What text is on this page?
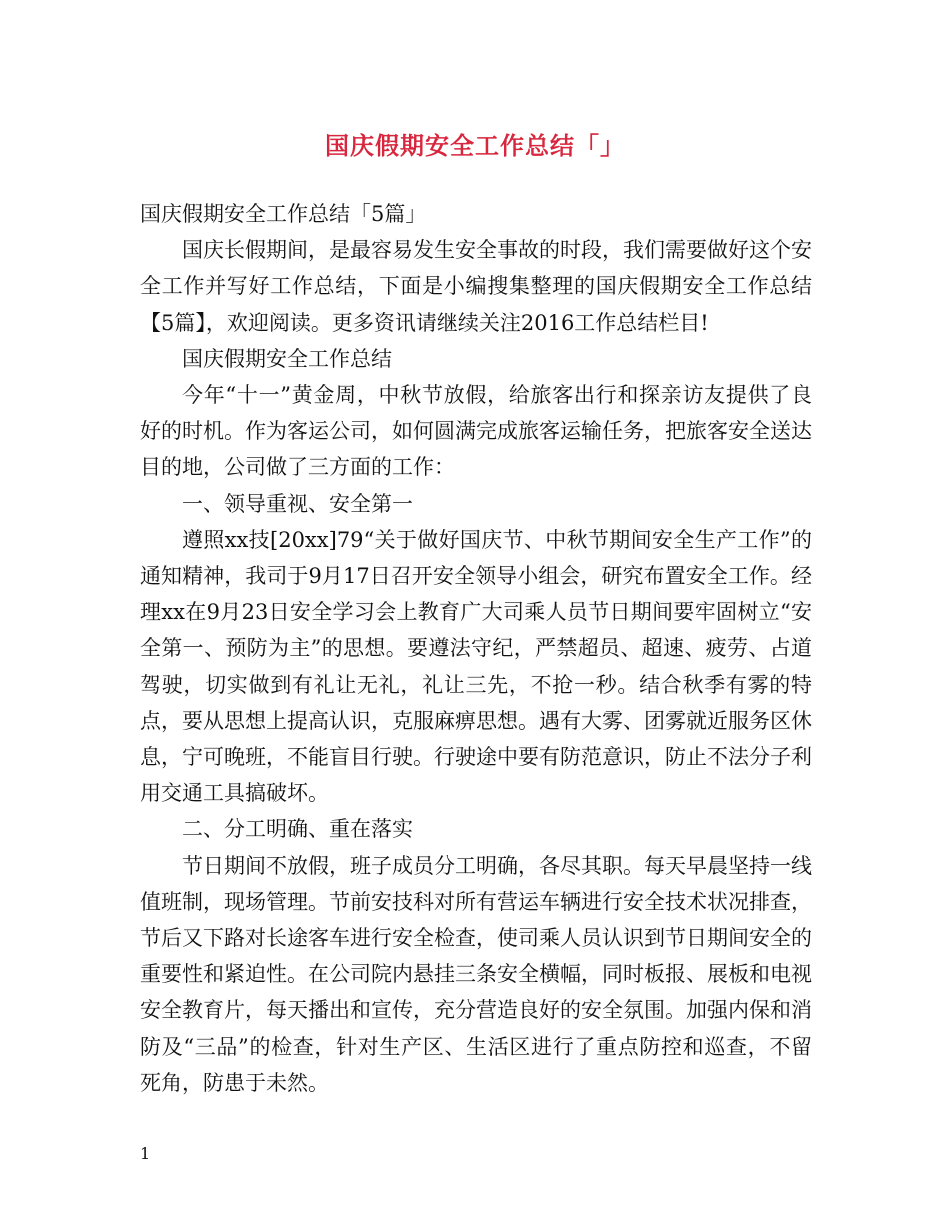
国庆假期安全工作总结「」

国庆假期安全工作总结「5篇」

国庆长假期间，是最容易发生安全事故的时段，我们需要做好这个安全工作并写好工作总结，下面是小编搜集整理的国庆假期安全工作总结【5篇】，欢迎阅读。更多资讯请继续关注2016工作总结栏目!

国庆假期安全工作总结

今年“十一”黄金周，中秋节放假，给旅客出行和探亲访友提供了良好的时机。作为客运公司，如何圆满完成旅客运输任务，把旅客安全送达目的地，公司做了三方面的工作：

一、领导重视、安全第一

遵照xx技[20xx]79“关于做好国庆节、中秋节期间安全生产工作”的通知精神，我司于9月17日召开安全领导小组会，研究布置安全工作。经理xx在9月23日安全学习会上教育广大司乘人员节日期间要牢固树立“安全第一、预防为主”的思想。要遵法守纪，严禁超员、超速、疲劳、占道驾驶，切实做到有礼让无礼，礼让三先，不抢一秒。结合秋季有雾的特点，要从思想上提高认识，克服麻痹思想。遇有大雾、团雾就近服务区休息，宁可晚班，不能盲目行驶。行驶途中要有防范意识，防止不法分子利用交通工具搞破坏。

二、分工明确、重在落实

节日期间不放假，班子成员分工明确，各尽其职。每天早晨坚持一线值班制，现场管理。节前安技科对所有营运车辆进行安全技术状况排查，节后又下路对长途客车进行安全检查，使司乘人员认识到节日期间安全的重要性和紧迫性。在公司院内悬挂三条安全横幅，同时板报、展板和电视安全教育片，每天播出和宣传，充分营造良好的安全氛围。加强内保和消防及“三品”的检查，针对生产区、生活区进行了重点防控和巡查，不留死角，防患于未然。

1
